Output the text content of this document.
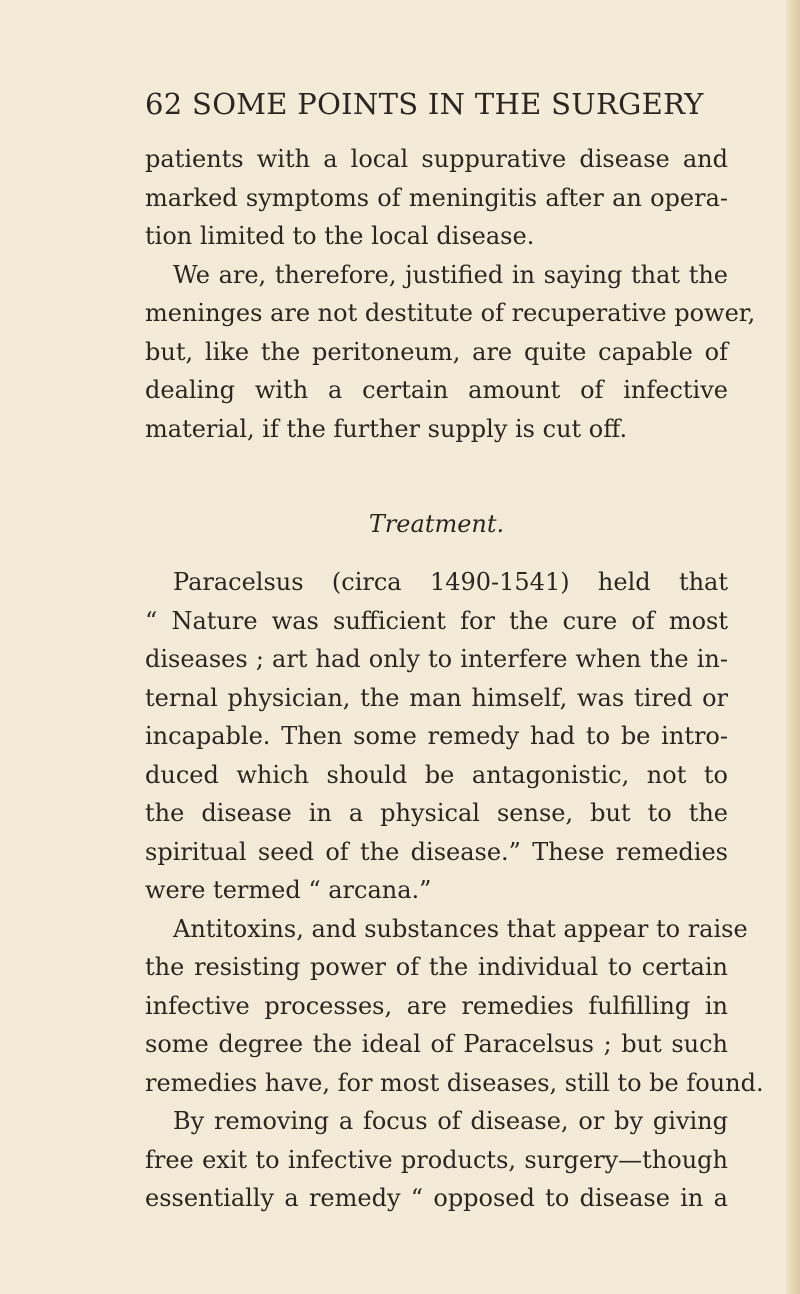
62 SOME POINTS IN THE SURGERY
patients with a local suppurative disease and
marked symptoms of meningitis after an opera-
tion limited to the local disease.
We are, therefore, justified in saying that the
meninges are not destitute of recuperative power,
but, like the peritoneum, are quite capable of
dealing with a certain amount of infective
material, if the further supply is cut off.
Treatment.
Paracelsus (circa 1490-1541) held that
“ Nature was sufficient for the cure of most
diseases ; art had only to interfere when the in-
ternal physician, the man himself, was tired or
incapable. Then some remedy had to be intro-
duced which should be antagonistic, not to
the disease in a physical sense, but to the
spiritual seed of the disease.” These remedies
were termed “ arcana.”
Antitoxins, and substances that appear to raise
the resisting power of the individual to certain
infective processes, are remedies fulfilling in
some degree the ideal of Paracelsus ; but such
remedies have, for most diseases, still to be found.
By removing a focus of disease, or by giving
free exit to infective products, surgery—though
essentially a remedy “ opposed to disease in a
